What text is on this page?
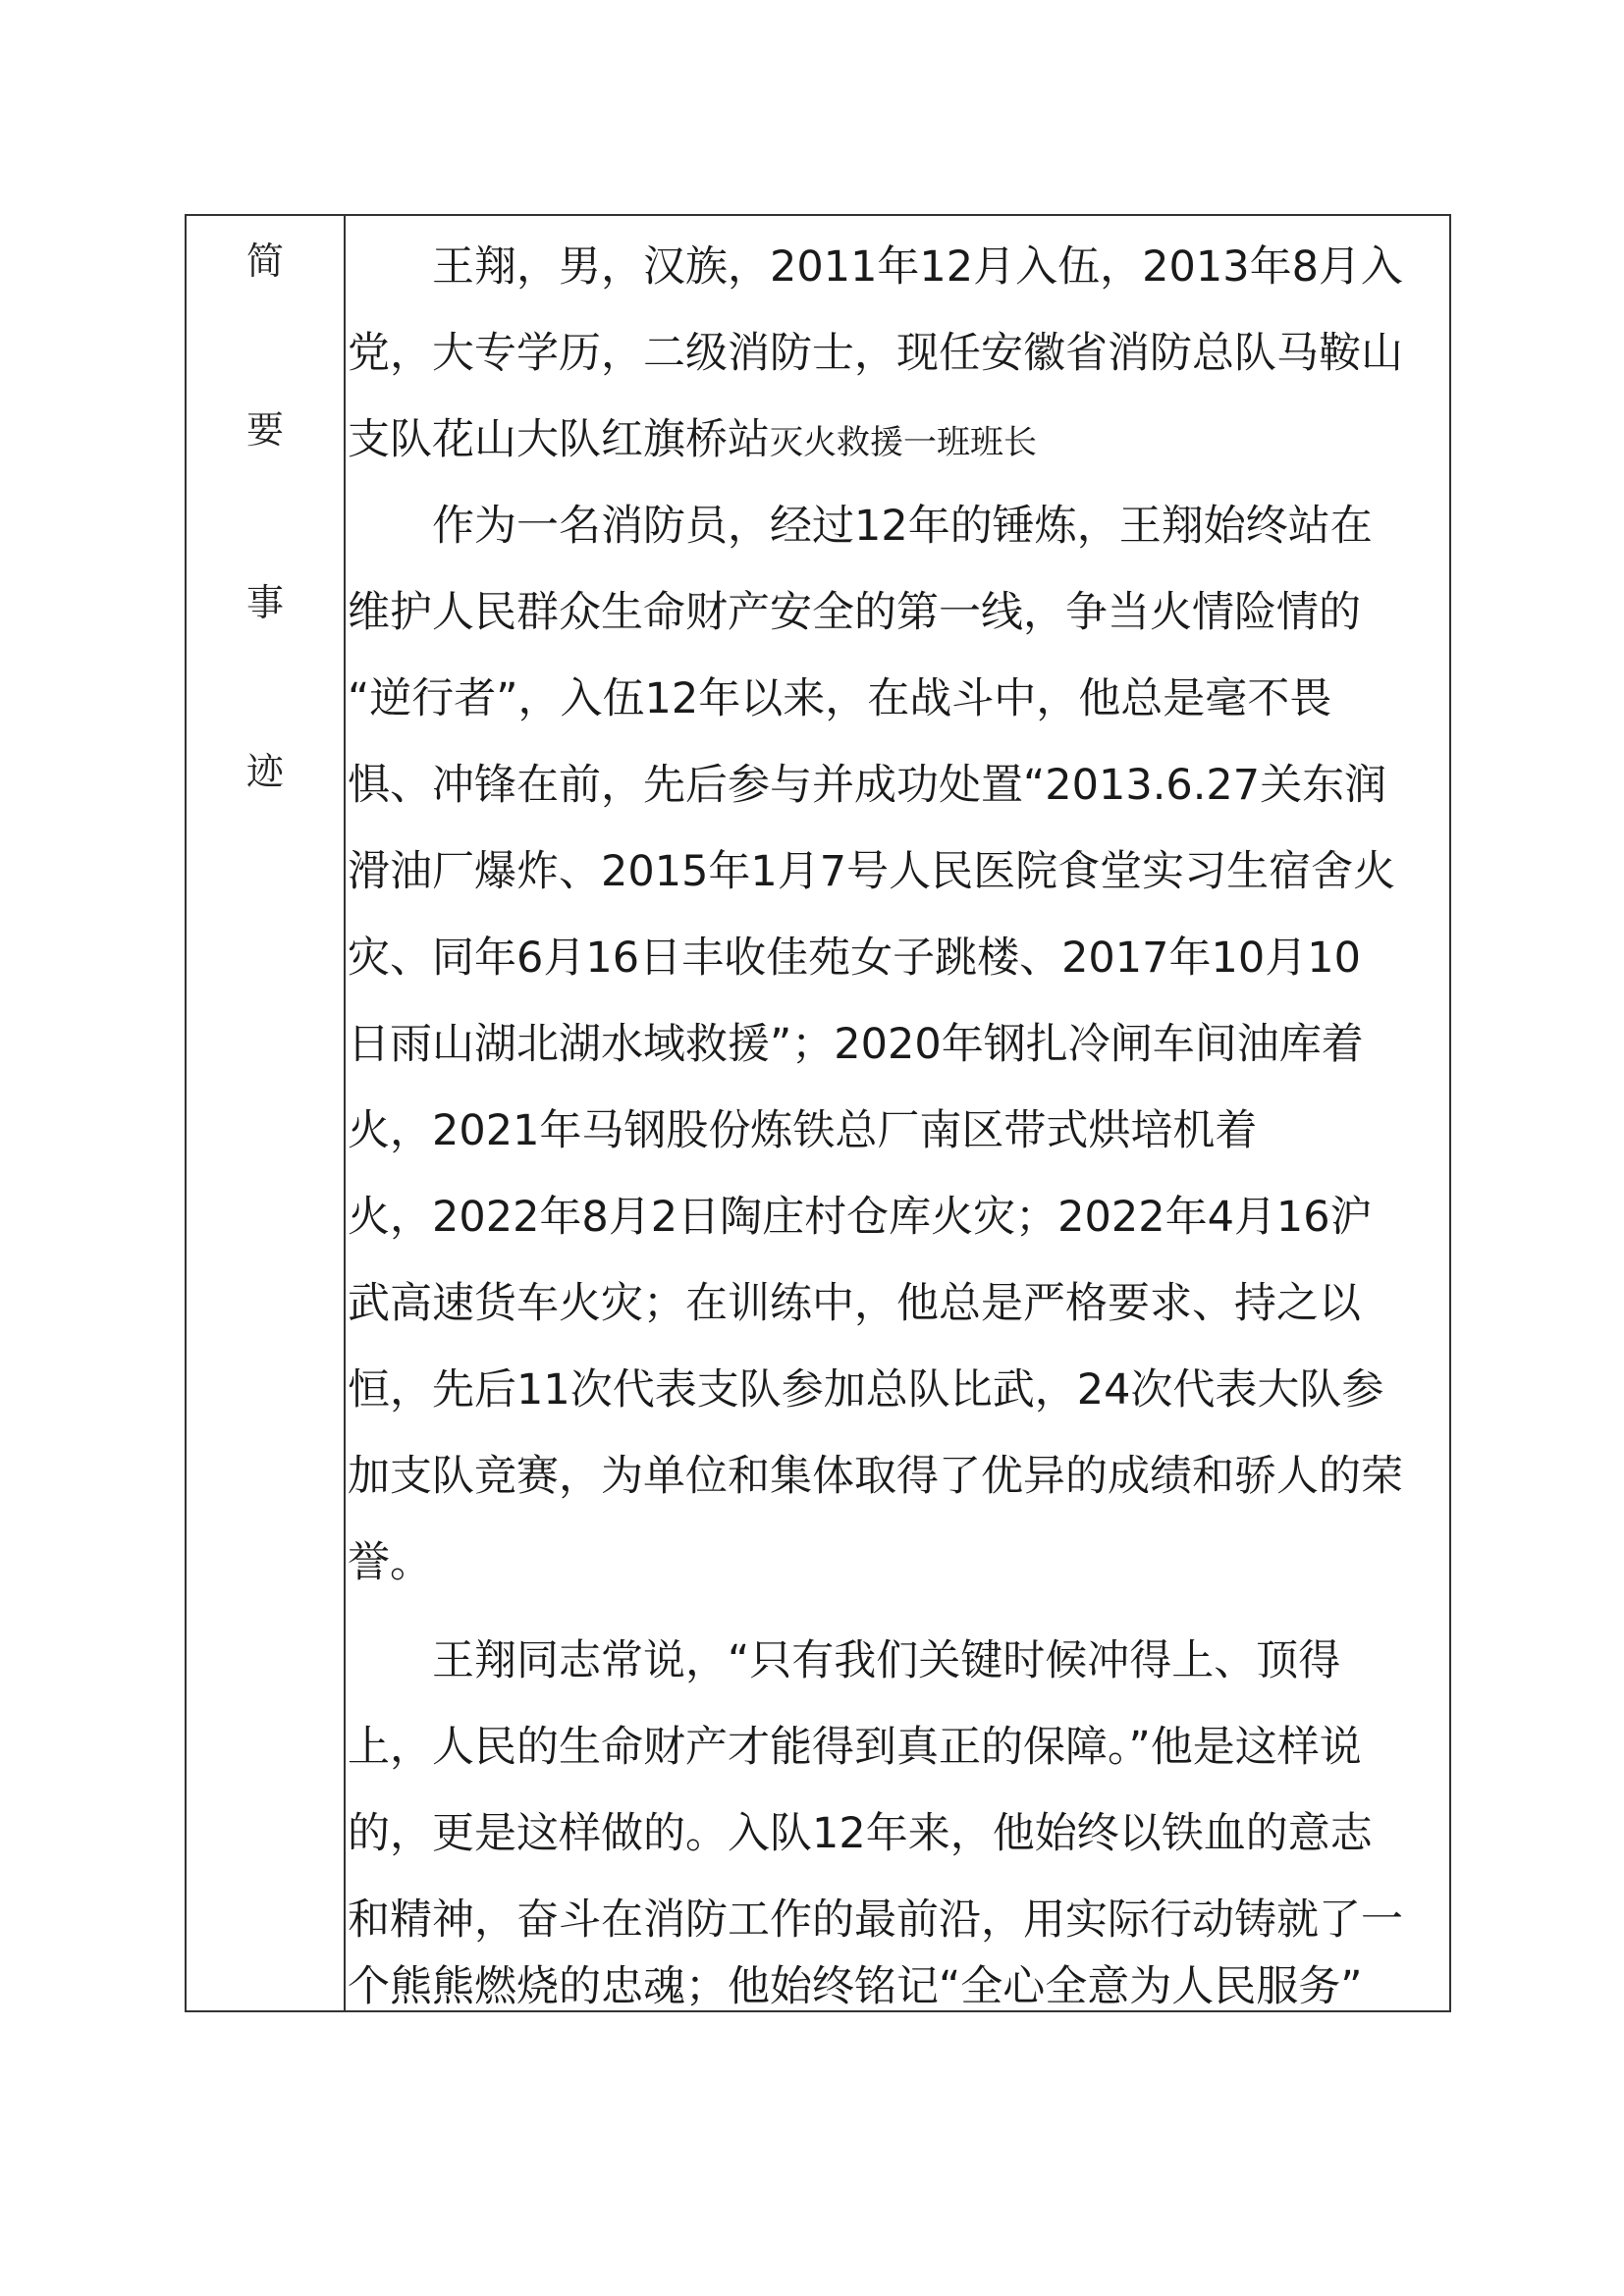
简
要
事
迹
王翔，男，汉族，2011年12月入伍，2013年8月入
党，大专学历，二级消防士，现任安徽省消防总队马鞍山
支队花山大队红旗桥站灭火救援一班班长
作为一名消防员，经过12年的锤炼，王翔始终站在
维护人民群众生命财产安全的第一线，争当火情险情的
“逆行者”，入伍12年以来，在战斗中，他总是毫不畏
惧、冲锋在前，先后参与并成功处置“2013.6.27关东润
滑油厂爆炸、2015年1月7号人民医院食堂实习生宿舍火
灾、同年6月16日丰收佳苑女子跳楼、2017年10月10
日雨山湖北湖水域救援”；2020年钢扎冷闸车间油库着
火，2021年马钢股份炼铁总厂南区带式烘培机着
火，2022年8月2日陶庄村仓库火灾；2022年4月16沪
武高速货车火灾；在训练中，他总是严格要求、持之以
恒，先后11次代表支队参加总队比武，24次代表大队参
加支队竞赛，为单位和集体取得了优异的成绩和骄人的荣
誉。
王翔同志常说，“只有我们关键时候冲得上、顶得
上，人民的生命财产才能得到真正的保障。”他是这样说
的，更是这样做的。入队12年来，他始终以铁血的意志
和精神，奋斗在消防工作的最前沿，用实际行动铸就了一
个熊熊燃烧的忠魂；他始终铭记“全心全意为人民服务”
